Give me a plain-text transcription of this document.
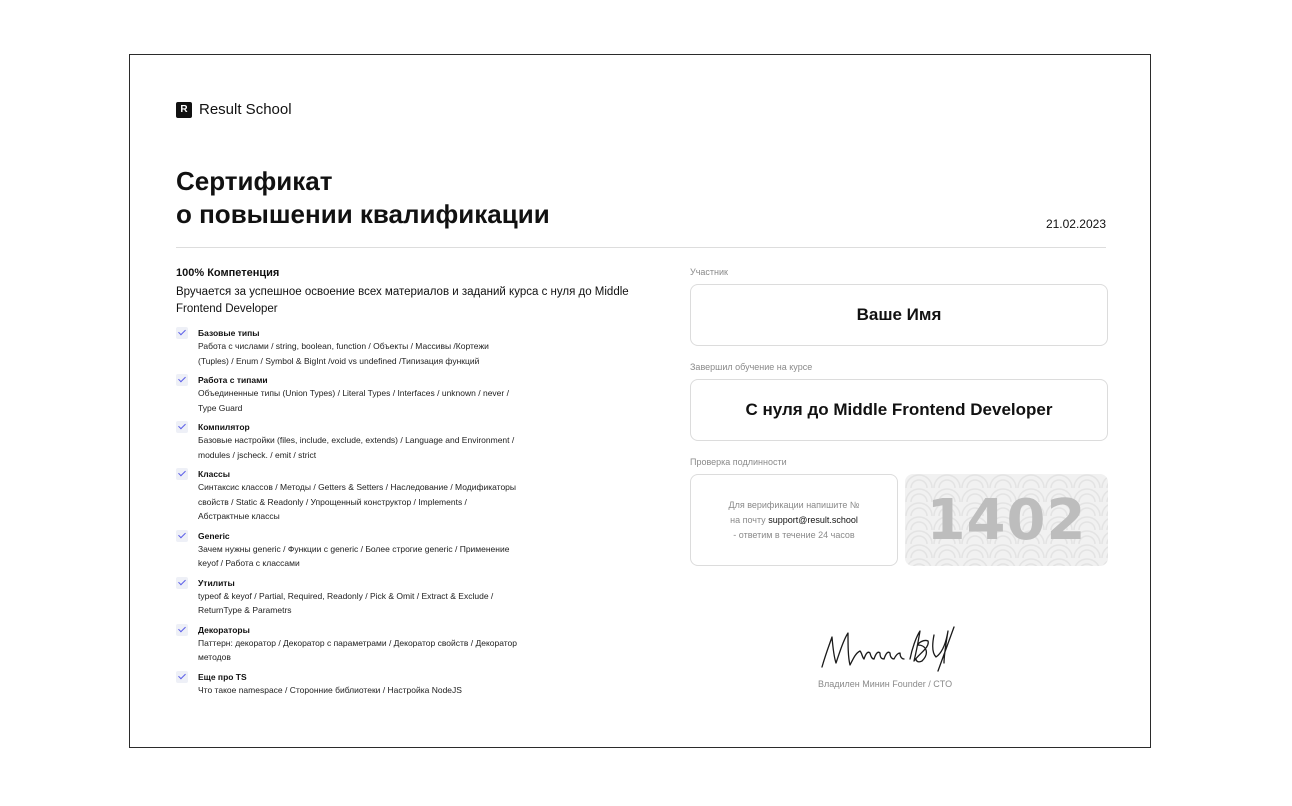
R Result School
Сертификат
о повышении квалификации	21.02.2023

100% Компетенция

Вручается за успешное освоение всех материалов и заданий курса с нуля до Middle Frontend Developer

Базовые типы
Работа с числами / string, boolean, function / Объекты / Массивы /Кортежи
(Tuples) / Enum / Symbol & BigInt /void vs undefined /Типизация функций
Работа с типами
Объединенные типы (Union Types) / Literal Types / Interfaces / unknown / never /
Type Guard
Компилятор
Базовые настройки (files, include, exclude, extends) / Language and Environment /
modules / jscheck. / emit / strict
Классы
Синтаксис классов / Методы / Getters & Setters / Наследование / Модификаторы
свойств / Static & Readonly / Упрощенный конструктор / Implements /
Абстрактные классы
Generic
Зачем нужны generic / Функции с generic / Более строгие generic / Применение
keyof / Работа с классами
Утилиты
typeof & keyof / Partial, Required, Readonly / Pick & Omit / Extract & Exclude /
ReturnType & Parametrs
Декораторы
Паттерн: декоратор / Декоратор с параметрами / Декоратор свойств / Декоратор
методов
Еще про TS
Что такое namespace / Сторонние библиотеки / Настройка NodeJS

Участник

Ваше Имя

Завершил обучение на курсе

С нуля до Middle Frontend Developer

Проверка подлинности

Для верификации напишите №
на почту support@result.school
- ответим в течение 24 часов 1402
Владилен Минин Founder / CTO
